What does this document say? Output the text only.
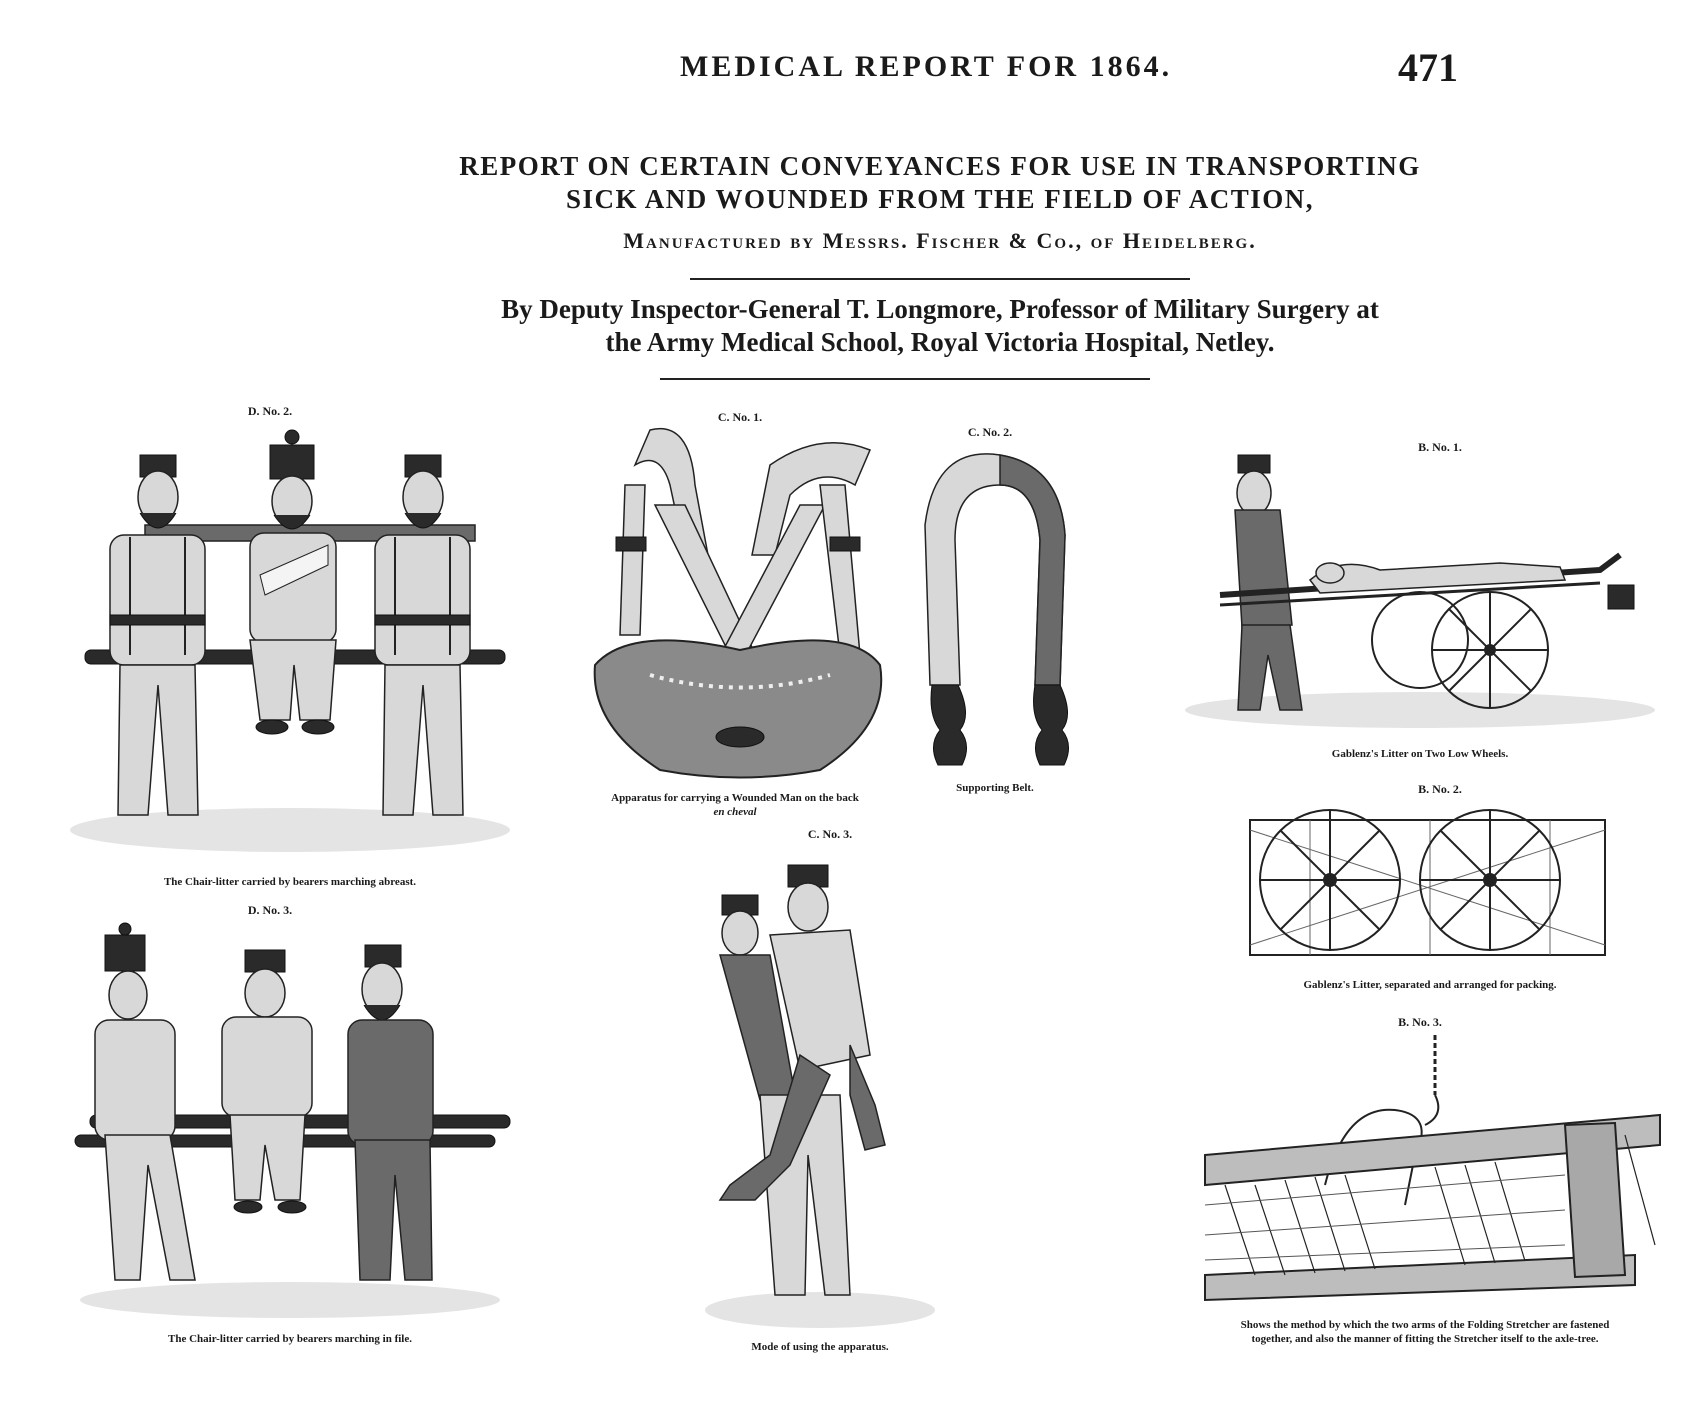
MEDICAL REPORT FOR 1864.	471
REPORT ON CERTAIN CONVEYANCES FOR USE IN TRANSPORTING
SICK AND WOUNDED FROM THE FIELD OF ACTION,
Manufactured by Messrs. Fischer & Co., of Heidelberg.
By Deputy Inspector-General T. Longmore, Professor of Military Surgery at
the Army Medical School, Royal Victoria Hospital, Netley.
D. No. 2.
The Chair-litter carried by bearers marching abreast.
D. No. 3.
The Chair-litter carried by bearers marching in file.
C. No. 1.
Apparatus for carrying a Wounded Man on the back
en cheval
C. No. 2.
Supporting Belt.
C. No. 3.
Mode of using the apparatus.
B. No. 1.
Gablenz's Litter on Two Low Wheels.
B. No. 2.
Gablenz's Litter, separated and arranged for packing.
B. No. 3.
Shows the method by which the two arms of the Folding Stretcher are fastened
together, and also the manner of fitting the Stretcher itself to the axle-tree.
